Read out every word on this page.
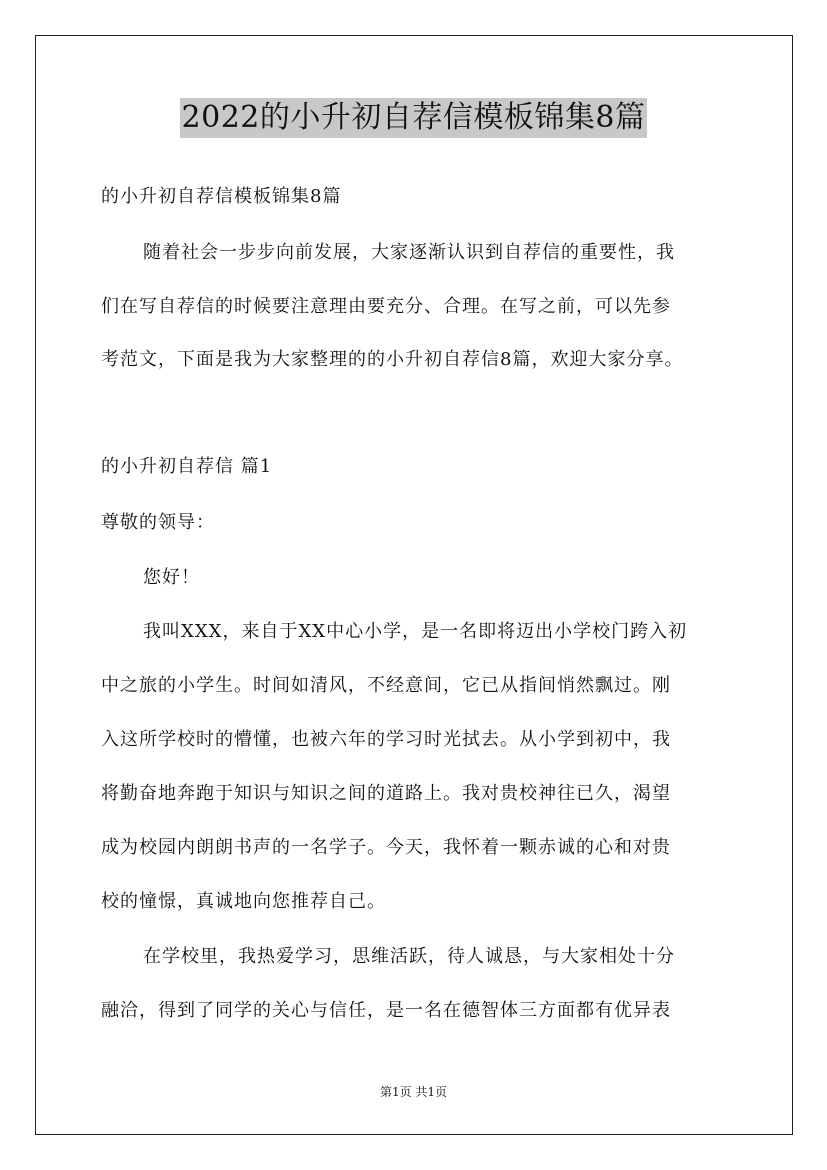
2022的小升初自荐信模板锦集8篇
的小升初自荐信模板锦集8篇
随着社会一步步向前发展，大家逐渐认识到自荐信的重要性，我
们在写自荐信的时候要注意理由要充分、合理。在写之前，可以先参
考范文，下面是我为大家整理的的小升初自荐信8篇，欢迎大家分享。
的小升初自荐信 篇1
尊敬的领导：
您好！
我叫XXX，来自于XX中心小学，是一名即将迈出小学校门跨入初
中之旅的小学生。时间如清风，不经意间，它已从指间悄然飘过。刚
入这所学校时的懵懂，也被六年的学习时光拭去。从小学到初中，我
将勤奋地奔跑于知识与知识之间的道路上。我对贵校神往已久，渴望
成为校园内朗朗书声的一名学子。今天，我怀着一颗赤诚的心和对贵
校的憧憬，真诚地向您推荐自己。
在学校里，我热爱学习，思维活跃，待人诚恳，与大家相处十分
融洽，得到了同学的关心与信任，是一名在德智体三方面都有优异表
第1页 共1页
